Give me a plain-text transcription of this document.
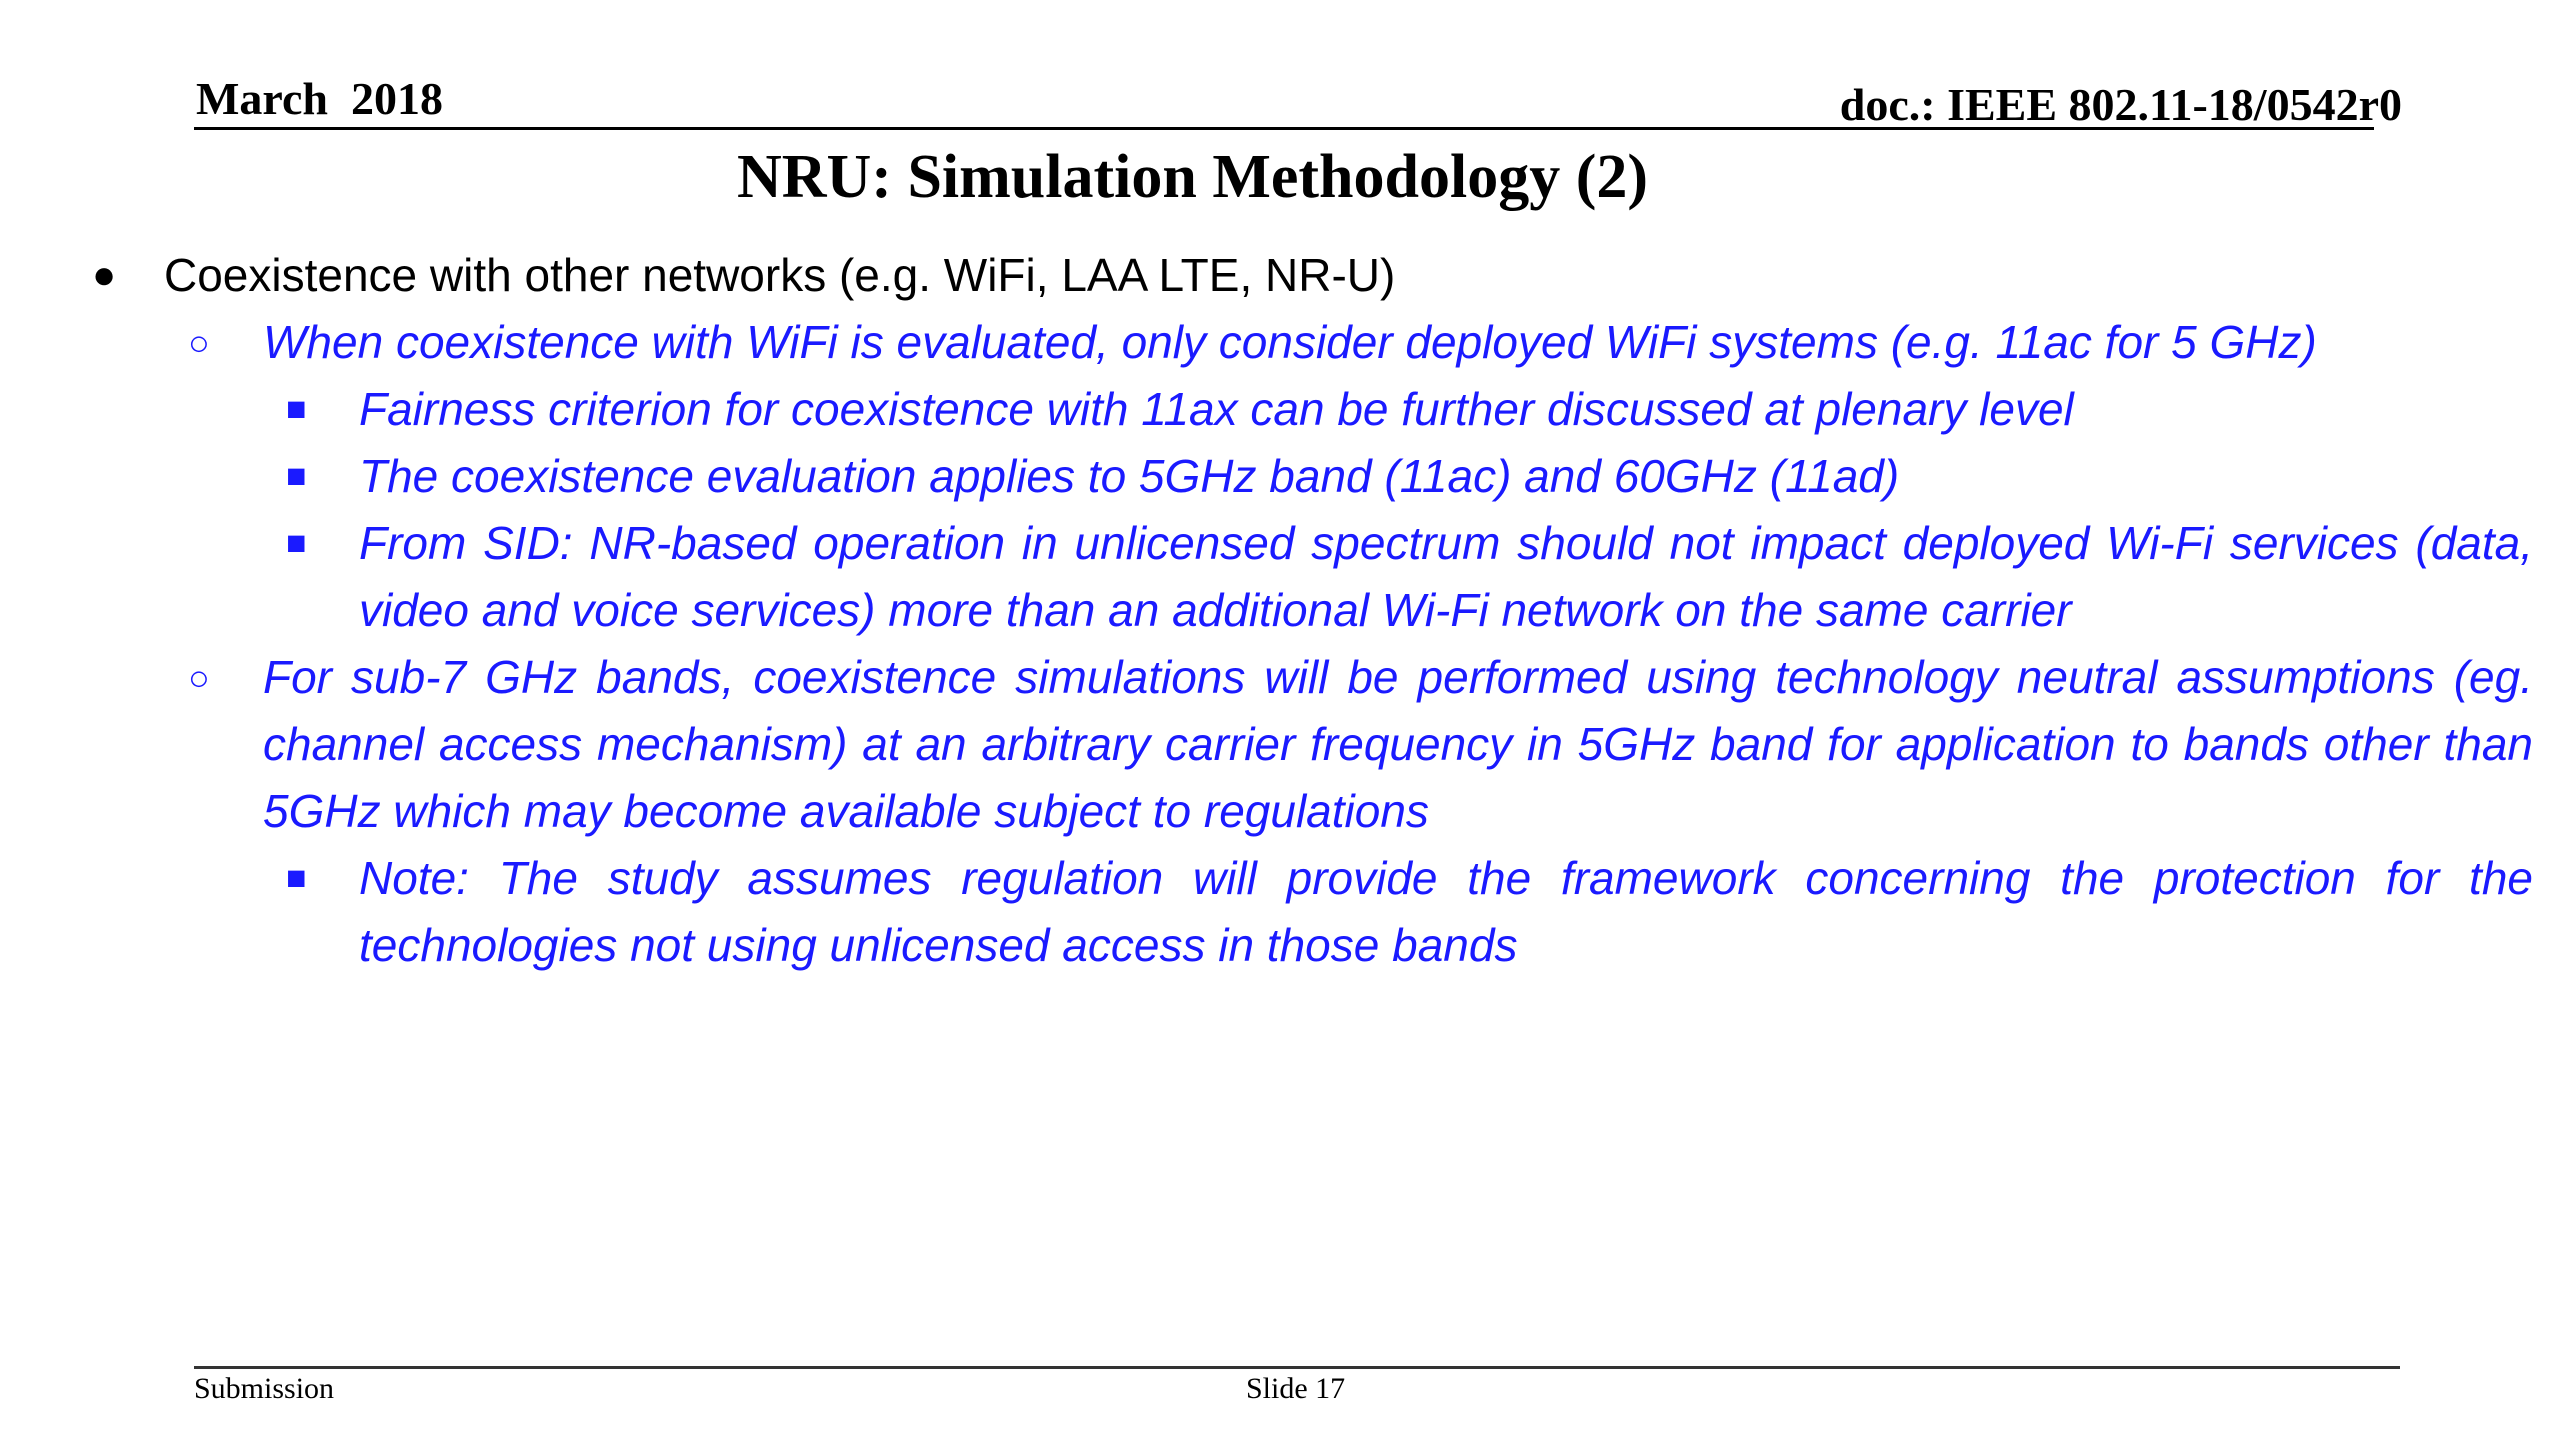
March  2018	doc.: IEEE 802.11-18/0542r0
NRU: Simulation Methodology (2)
● Coexistence with other networks (e.g. WiFi, LAA LTE, NR-U)
○ When coexistence with WiFi is evaluated, only consider deployed WiFi systems (e.g. 11ac for 5 GHz)
■ Fairness criterion for coexistence with 11ax can be further discussed at plenary level
■ The coexistence evaluation applies to 5GHz band (11ac) and 60GHz (11ad)
■ From SID: NR-based operation in unlicensed spectrum should not impact deployed Wi-Fi services (data, video and voice services) more than an additional Wi-Fi network on the same carrier
○ For sub-7 GHz bands, coexistence simulations will be performed using technology neutral assumptions (eg. channel access mechanism) at an arbitrary carrier frequency in 5GHz band for application to bands other than 5GHz which may become available subject to regulations
■ Note: The study assumes regulation will provide the framework concerning the protection for the technologies not using unlicensed access in those bands
Submission	Slide 17
